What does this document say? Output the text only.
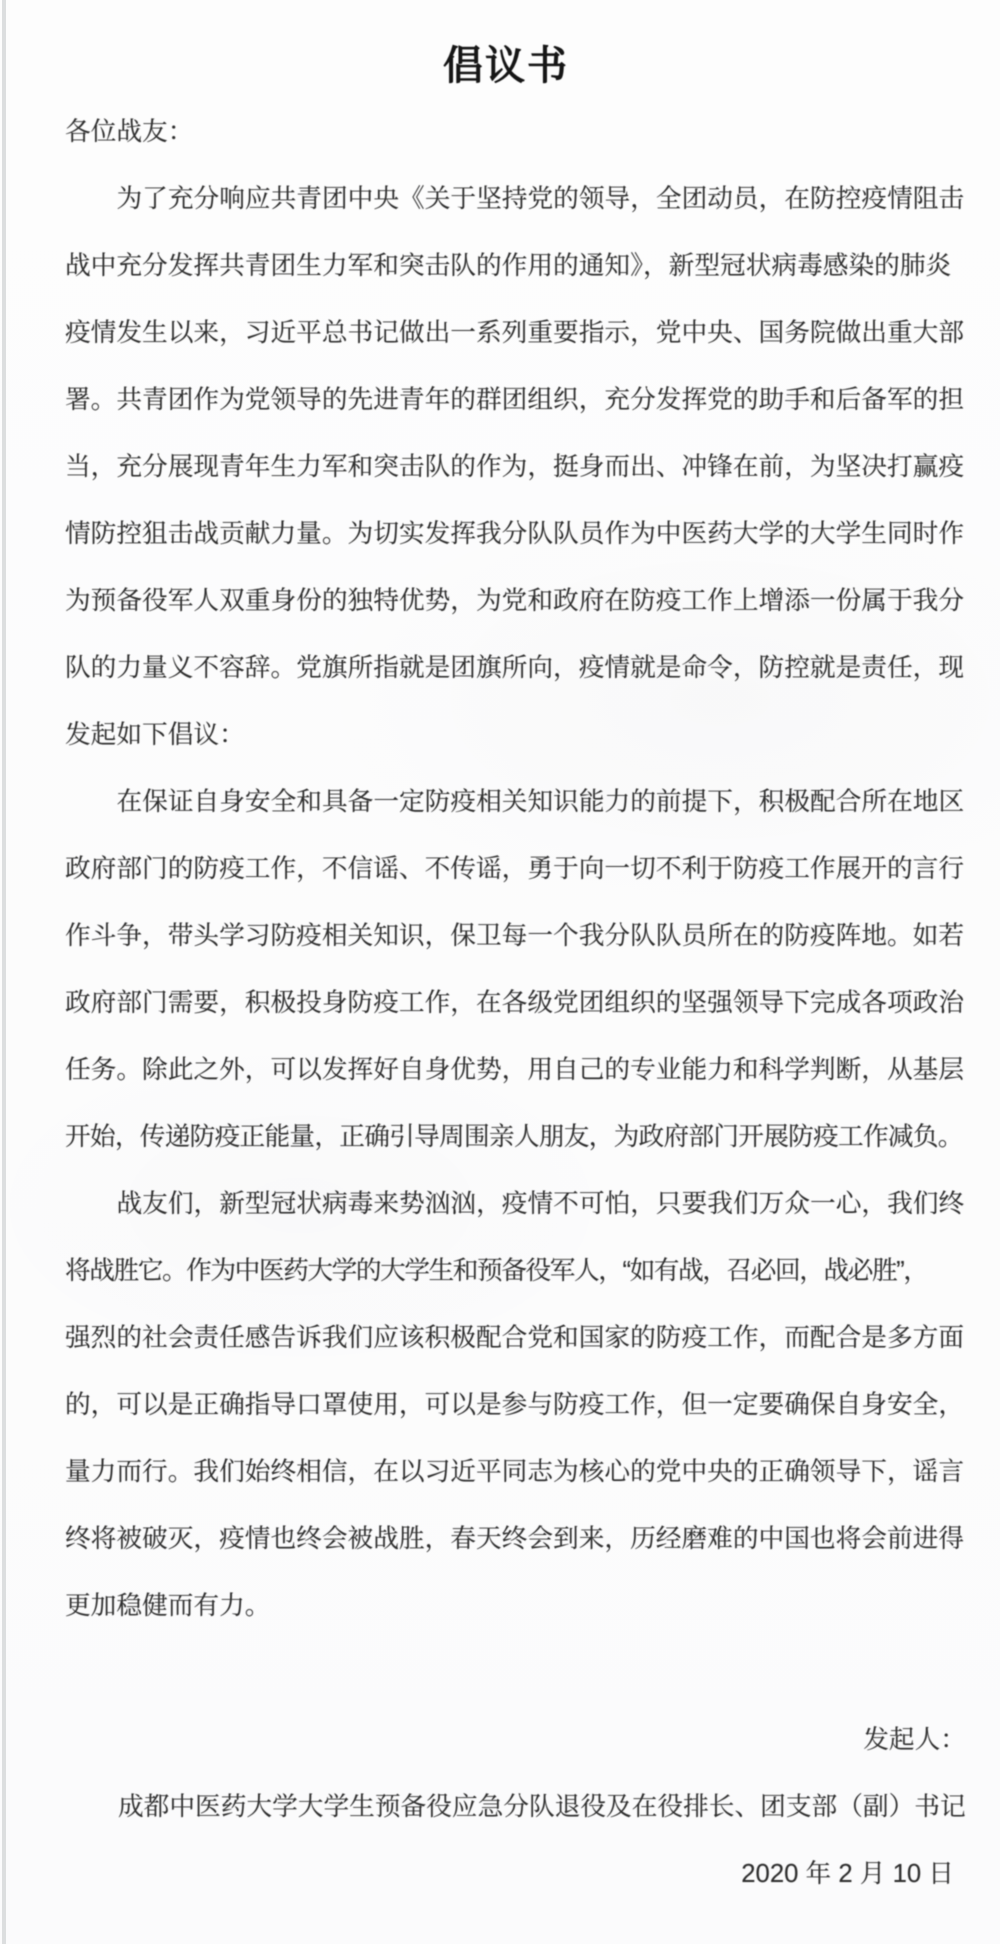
倡议书
各位战友：
为了充分响应共青团中央《关于坚持党的领导，全团动员，在防控疫情阻击
战中充分发挥共青团生力军和突击队的作用的通知》，新型冠状病毒感染的肺炎
疫情发生以来，习近平总书记做出一系列重要指示，党中央、国务院做出重大部
署。共青团作为党领导的先进青年的群团组织，充分发挥党的助手和后备军的担
当，充分展现青年生力军和突击队的作为，挺身而出、冲锋在前，为坚决打赢疫
情防控狙击战贡献力量。为切实发挥我分队队员作为中医药大学的大学生同时作
为预备役军人双重身份的独特优势，为党和政府在防疫工作上增添一份属于我分
队的力量义不容辞。党旗所指就是团旗所向，疫情就是命令，防控就是责任，现
发起如下倡议：
在保证自身安全和具备一定防疫相关知识能力的前提下，积极配合所在地区
政府部门的防疫工作，不信谣、不传谣，勇于向一切不利于防疫工作展开的言行
作斗争，带头学习防疫相关知识，保卫每一个我分队队员所在的防疫阵地。如若
政府部门需要，积极投身防疫工作，在各级党团组织的坚强领导下完成各项政治
任务。除此之外，可以发挥好自身优势，用自己的专业能力和科学判断，从基层
开始，传递防疫正能量，正确引导周围亲人朋友，为政府部门开展防疫工作减负。
战友们，新型冠状病毒来势汹汹，疫情不可怕，只要我们万众一心，我们终
将战胜它。作为中医药大学的大学生和预备役军人，“如有战，召必回，战必胜”，
强烈的社会责任感告诉我们应该积极配合党和国家的防疫工作，而配合是多方面
的，可以是正确指导口罩使用，可以是参与防疫工作，但一定要确保自身安全，
量力而行。我们始终相信，在以习近平同志为核心的党中央的正确领导下，谣言
终将被破灭，疫情也终会被战胜，春天终会到来，历经磨难的中国也将会前进得
更加稳健而有力。
发起人：
成都中医药大学大学生预备役应急分队退役及在役排长、团支部（副）书记
2020 年 2 月 10 日
